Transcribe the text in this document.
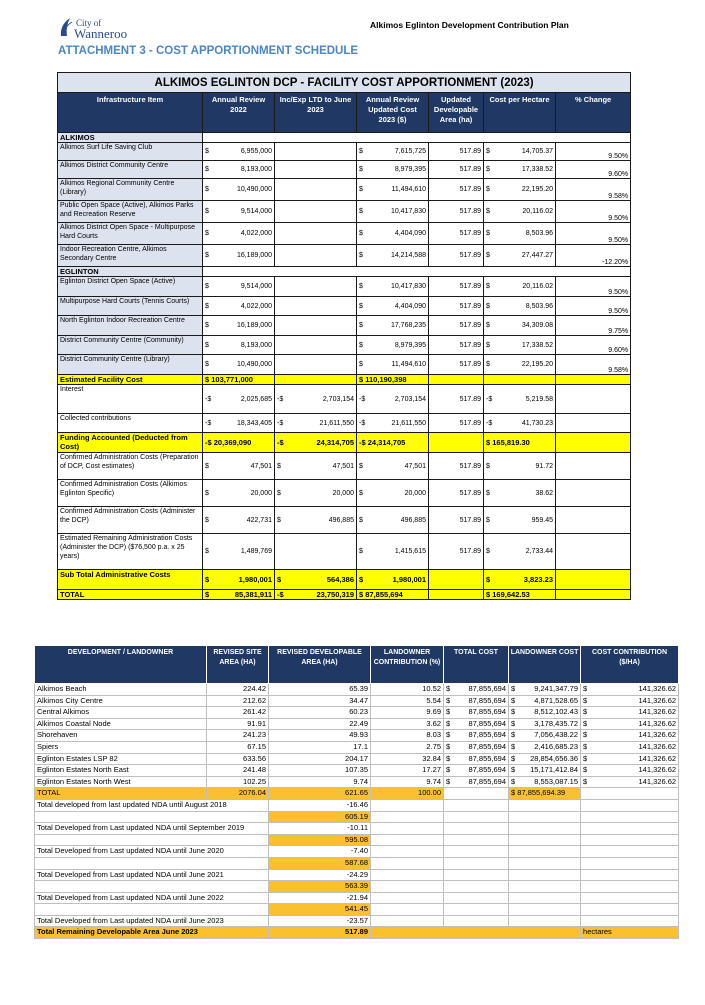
City of
Wanneroo
Alkimos Eglinton Development Contribution Plan
ATTACHMENT 3 - COST APPORTIONMENT SCHEDULE
ALKIMOS EGLINTON DCP - FACILITY COST APPORTIONMENT (2023)										
Infrastructure Item	Annual Review 2022		Inc/Exp LTD to June 2023		Annual Review Updated Cost 2023 ($)		Updated Developable Area (ha)	Cost per Hectare		% Change
ALKIMOS										
Alkimos Surf Life Saving Club	$	6,955,000			$	7,615,725	517.89	$	14,705.37	9.50%
Alkimos District Community Centre	$	8,193,000			$	8,979,395	517.89	$	17,338.52	9.60%
Alkimos Regional Community Centre (Library)	$	10,490,000			$	11,494,610	517.89	$	22,195.20	9.58%
Public Open Space (Active), Alkimos Parks and Recreation Reserve	$	9,514,000			$	10,417,830	517.89	$	20,116.02	9.50%
Alkimos District Open Space - Multipurpose Hard Courts	$	4,022,000			$	4,404,090	517.89	$	8,503.96	9.50%
Indoor Recreation Centre, Alkimos Secondary Centre	$	16,189,000			$	14,214,588	517.89	$	27,447.27	-12.20%
EGLINTON										
Eglinton District Open Space (Active)	$	9,514,000			$	10,417,830	517.89	$	20,116.02	9.50%
Multipurpose Hard Courts (Tennis Courts)	$	4,022,000			$	4,404,090	517.89	$	8,503.96	9.50%
North Eglinton Indoor Recreation Centre	$	16,189,000			$	17,768,235	517.89	$	34,309.08	9.75%
District Community Centre (Community)	$	8,193,000			$	8,979,395	517.89	$	17,338.52	9.60%
District Community Centre (Library)	$	10,490,000			$	11,494,610	517.89	$	22,195.20	9.58%
Estimated Facility Cost	$ 103,771,000				$ 110,190,398					
Interest	-$	2,025,685	-$	2,703,154	-$	2,703,154	517.89	-$	5,219.58	
Collected contributions	-$	18,343,405	-$	21,611,550	-$	21,611,550	517.89	-$	41,730.23	
Funding Accounted (Deducted from Cost)	-$ 20,369,090		-$	24,314,705	-$ 24,314,705			$ 165,819.30		
Confirmed Administration Costs (Preparation of DCP, Cost estimates)	$	47,501	$	47,501	$	47,501	517.89	$	91.72	
Confirmed Administration Costs (Alkimos Eglinton Specific)	$	20,000	$	20,000	$	20,000	517.89	$	38.62	
Confirmed Administration Costs (Administer the DCP)	$	422,731	$	496,885	$	496,885	517.89	$	959.45	
Estimated Remaining Administration Costs (Administer the DCP) ($76,500 p.a. x 25 years)	$	1,489,769			$	1,415,615	517.89	$	2,733.44	
Sub Total Administrative Costs	$	1,980,001	$	564,386	$	1,980,001		$	3,823.23	
TOTAL	$	85,381,911	-$	23,750,319	$ 87,855,694			$ 169,642.53		
DEVELOPMENT / LANDOWNER	REVISED SITE AREA (HA)	REVISED DEVELOPABLE AREA (HA)	LANDOWNER CONTRIBUTION (%)	TOTAL COST		LANDOWNER COST		COST CONTRIBUTION ($/HA)	
Alkimos Beach	224.42	65.39	10.52	$	87,855,694	$	9,241,347.79	$	141,326.62
Alkimos City Centre	212.62	34.47	5.54	$	87,855,694	$	4,871,528.65	$	141,326.62
Central Alkimos	261.42	60.23	9.69	$	87,855,694	$	8,512,102.43	$	141,326.62
Alkimos Coastal Node	91.91	22.49	3.62	$	87,855,694	$	3,178,435.72	$	141,326.62
Shorehaven	241.23	49.93	8.03	$	87,855,694	$	7,056,438.22	$	141,326.62
Spiers	67.15	17.1	2.75	$	87,855,694	$	2,416,685.23	$	141,326.62
Eglinton Estates LSP 82	633.56	204.17	32.84	$	87,855,694	$	28,854,656.36	$	141,326.62
Eglinton Estates North East	241.48	107.35	17.27	$	87,855,694	$	15,171,412.84	$	141,326.62
Eglinton Estates North West	102.25	9.74	9.74	$	87,855,694	$	8,553,087.15	$	141,326.62
TOTAL	2076.04	621.65	100.00			$ 87,855,694.39			
Total developed from last updated NDA until August 2018		-16.46							
		605.19							
Total Developed from Last updated NDA until September 2019		-10.11							
		595.08							
Total Developed from Last updated NDA until June 2020		-7.40							
		587.68							
Total Developed from Last updated NDA until June 2021		-24.29							
		563.39							
Total Developed from Last updated NDA until June 2022		-21.94							
		541.45							
Total Developed from Last updated NDA until June 2023		-23.57							
Total Remaining Developable Area June 2023		517.89						hectares	
